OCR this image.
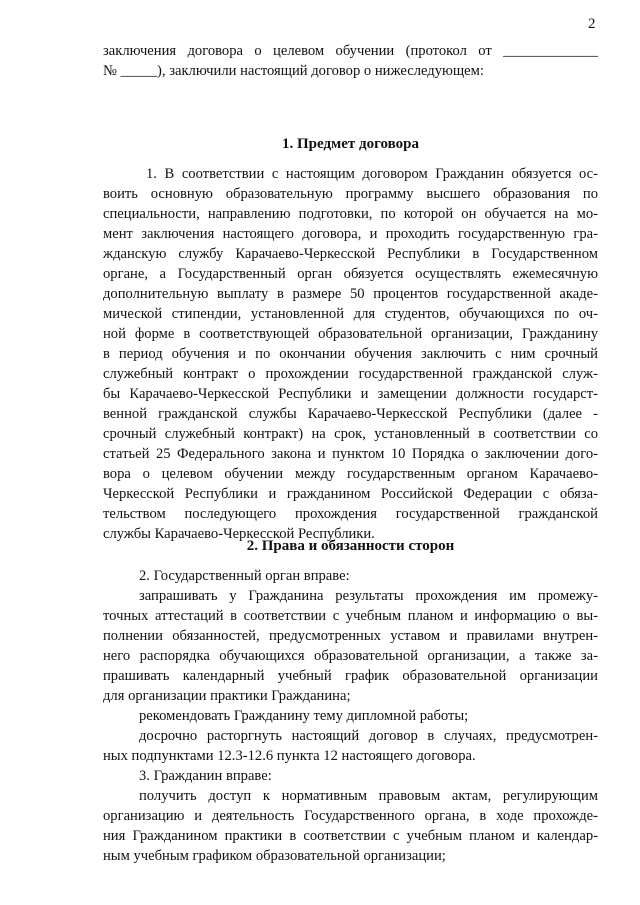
2
заключения договора о целевом обучении (протокол от _____________
№ _____), заключили настоящий договор о нижеследующем:
1. Предмет договора
1. В соответствии с настоящим договором Гражданин обязуется ос-
воить основную образовательную программу высшего образования по
специальности, направлению подготовки, по которой он обучается на мо-
мент заключения настоящего договора, и проходить государственную гра-
жданскую службу Карачаево-Черкесской Республики в Государственном
органе, а Государственный орган обязуется осуществлять ежемесячную
дополнительную выплату в размере 50 процентов государственной акаде-
мической стипендии, установленной для студентов, обучающихся по оч-
ной форме в соответствующей образовательной организации, Гражданину
в период обучения и по окончании обучения заключить с ним срочный
служебный контракт о прохождении государственной гражданской служ-
бы Карачаево-Черкесской Республики и замещении должности государст-
венной гражданской службы Карачаево-Черкесской Республики (далее -
срочный служебный контракт) на срок, установленный в соответствии со
статьей 25 Федерального закона и пунктом 10 Порядка о заключении дого-
вора о целевом обучении между государственным органом Карачаево-
Черкесской Республики и гражданином Российской Федерации с обяза-
тельством последующего прохождения государственной гражданской
службы Карачаево-Черкесской Республики.
2. Права и обязанности сторон
2. Государственный орган вправе:
запрашивать у Гражданина результаты прохождения им промежу-
точных аттестаций в соответствии с учебным планом и информацию о вы-
полнении обязанностей, предусмотренных уставом и правилами внутрен-
него распорядка обучающихся образовательной организации, а также за-
прашивать календарный учебный график образовательной организации
для организации практики Гражданина;
рекомендовать Гражданину тему дипломной работы;
досрочно расторгнуть настоящий договор в случаях, предусмотрен-
ных подпунктами 12.3-12.6 пункта 12 настоящего договора.
3. Гражданин вправе:
получить доступ к нормативным правовым актам, регулирующим
организацию и деятельность Государственного органа, в ходе прохожде-
ния Гражданином практики в соответствии с учебным планом и календар-
ным учебным графиком образовательной организации;
